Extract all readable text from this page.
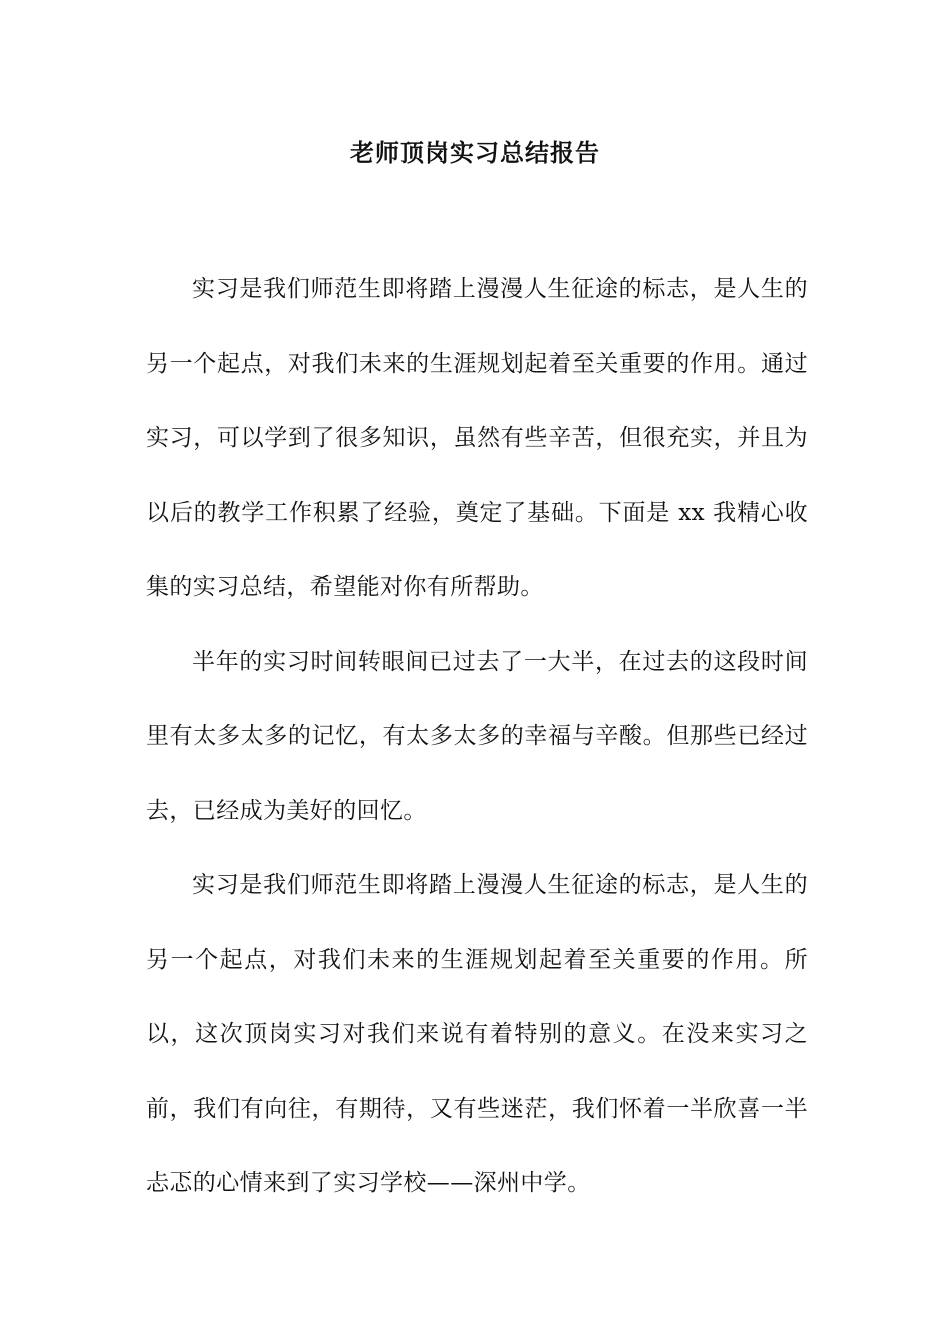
老师顶岗实习总结报告

实习是我们师范生即将踏上漫漫人生征途的标志，是人生的另一个起点，对我们未来的生涯规划起着至关重要的作用。通过实习，可以学到了很多知识，虽然有些辛苦，但很充实，并且为以后的教学工作积累了经验，奠定了基础。下面是 xx 我精心收集的实习总结，希望能对你有所帮助。

半年的实习时间转眼间已过去了一大半，在过去的这段时间里有太多太多的记忆，有太多太多的幸福与辛酸。但那些已经过去，已经成为美好的回忆。

实习是我们师范生即将踏上漫漫人生征途的标志，是人生的另一个起点，对我们未来的生涯规划起着至关重要的作用。所以，这次顶岗实习对我们来说有着特别的意义。在没来实习之前，我们有向往，有期待，又有些迷茫，我们怀着一半欣喜一半忐忑的心情来到了实习学校——深州中学。
